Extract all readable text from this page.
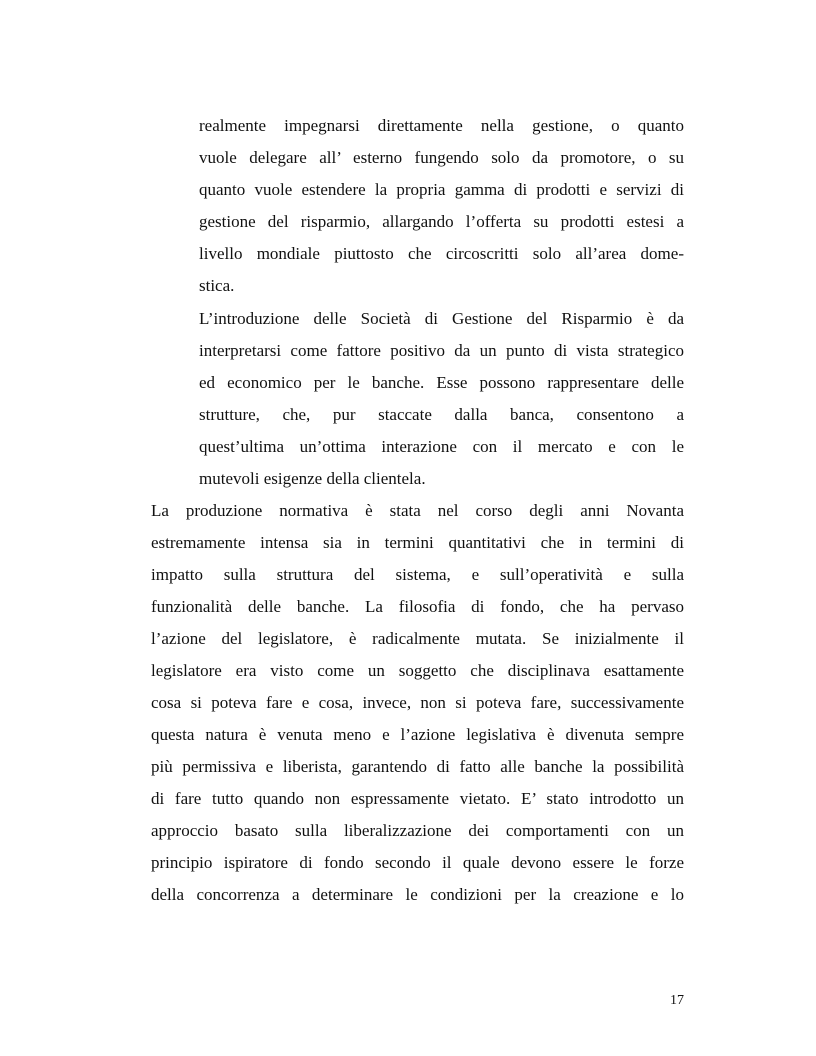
realmente impegnarsi direttamente nella gestione, o quanto
vuole delegare all’ esterno fungendo solo da promotore, o su
quanto vuole estendere la propria gamma di prodotti e servizi di
gestione del risparmio, allargando l’offerta su prodotti estesi a
livello mondiale piuttosto che circoscritti solo all’area dome-
stica.
L’introduzione delle Società di Gestione del Risparmio è da
interpretarsi come fattore positivo da un punto di vista strategico
ed economico per le banche. Esse possono rappresentare delle
strutture, che, pur staccate dalla banca, consentono a
quest’ultima un’ottima interazione con il mercato e con le
mutevoli esigenze della clientela.
La produzione normativa è stata nel corso degli anni Novanta
estremamente intensa sia in termini quantitativi che in termini di
impatto sulla struttura del sistema, e sull’operatività e sulla
funzionalità delle banche. La filosofia di fondo, che ha pervaso
l’azione del legislatore, è radicalmente mutata. Se inizialmente il
legislatore era visto come un soggetto che disciplinava esattamente
cosa si poteva fare e cosa, invece, non si poteva fare, successivamente
questa natura è venuta meno e l’azione legislativa è divenuta sempre
più permissiva e liberista, garantendo di fatto alle banche la possibilità
di fare tutto quando non espressamente vietato. E’ stato introdotto un
approccio basato sulla liberalizzazione dei comportamenti con un
principio ispiratore di fondo secondo il quale devono essere le forze
della concorrenza a determinare le condizioni per la creazione e lo
17
